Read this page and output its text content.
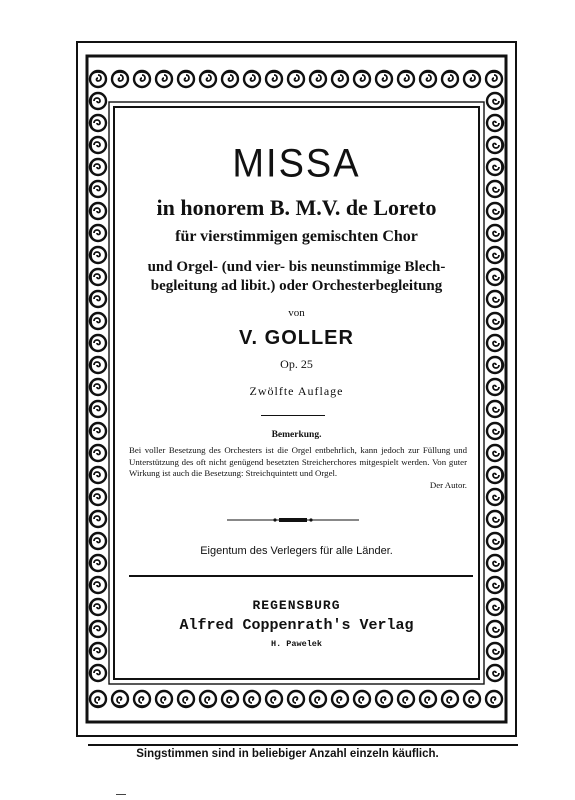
MISSA

in honorem B. M.V. de Loreto

für vierstimmigen gemischten Chor

und Orgel- (und vier- bis neunstimmige Blech-
begleitung ad libit.) oder Orchesterbegleitung

von

V. GOLLER

Op. 25

Zwölfte Auflage

Bemerkung.

Bei voller Besetzung des Orchesters ist die Orgel entbehrlich, kann jedoch zur Füllung und Unterstützung des oft nicht genügend besetzten Streicherchores mitgespielt werden. Von guter Wirkung ist auch die Besetzung: Streichquintett und Orgel.

Der Autor.

Eigentum des Verlegers für alle Länder.

REGENSBURG

Alfred Coppenrath's Verlag

H. Pawelek

Singstimmen sind in beliebiger Anzahl einzeln käuflich.
